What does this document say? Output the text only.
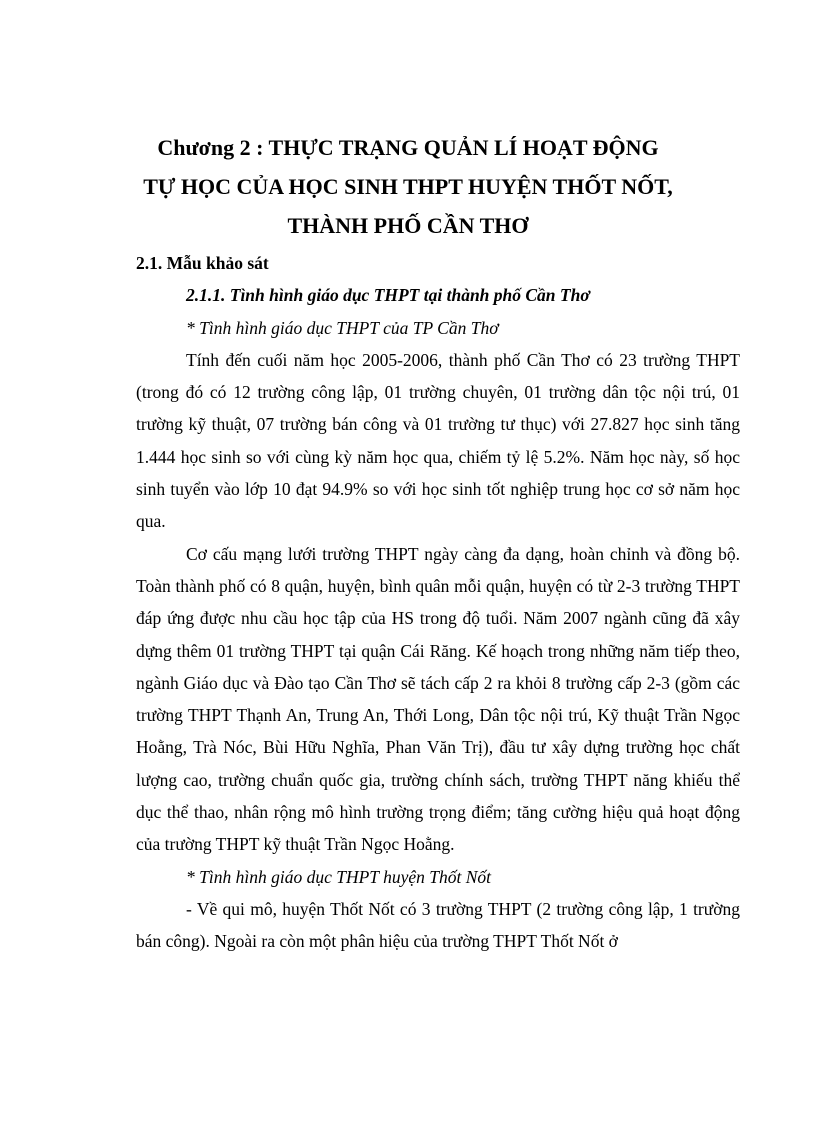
Chương 2 : THỰC TRẠNG QUẢN LÍ HOẠT ĐỘNG
TỰ HỌC CỦA HỌC SINH THPT HUYỆN THỐT NỐT,
THÀNH PHỐ CẦN THƠ

2.1. Mẫu khảo sát

2.1.1. Tình hình giáo dục THPT tại thành phố Cần Thơ

* Tình hình giáo dục THPT của TP Cần Thơ

Tính đến cuối năm học 2005-2006, thành phố Cần Thơ có 23 trường THPT (trong đó có 12 trường công lập, 01 trường chuyên, 01 trường dân tộc nội trú, 01 trường kỹ thuật, 07 trường bán công và 01 trường tư thục) với 27.827 học sinh tăng 1.444 học sinh so với cùng kỳ năm học qua, chiếm tỷ lệ 5.2%. Năm học này, số học sinh tuyển vào lớp 10 đạt 94.9% so với học sinh tốt nghiệp trung học cơ sở năm học qua.

Cơ cấu mạng lưới trường THPT ngày càng đa dạng, hoàn chỉnh và đồng bộ. Toàn thành phố có 8 quận, huyện, bình quân mỗi quận, huyện có từ 2-3 trường THPT đáp ứng được nhu cầu học tập của HS trong độ tuổi. Năm 2007 ngành cũng đã xây dựng thêm 01 trường THPT tại quận Cái Răng. Kế hoạch trong những năm tiếp theo, ngành Giáo dục và Đào tạo Cần Thơ sẽ tách cấp 2 ra khỏi 8 trường cấp 2-3 (gồm các trường THPT Thạnh An, Trung An, Thới Long, Dân tộc nội trú, Kỹ thuật Trần Ngọc Hoằng, Trà Nóc, Bùi Hữu Nghĩa, Phan Văn Trị), đầu tư xây dựng trường học chất lượng cao, trường chuẩn quốc gia, trường chính sách, trường THPT năng khiếu thể dục thể thao, nhân rộng mô hình trường trọng điểm; tăng cường hiệu quả hoạt động của trường THPT kỹ thuật Trần Ngọc Hoằng.

* Tình hình giáo dục THPT huyện Thốt Nốt

- Về qui mô, huyện Thốt Nốt có 3 trường THPT (2 trường công lập, 1 trường bán công). Ngoài ra còn một phân hiệu của trường THPT Thốt Nốt ở
